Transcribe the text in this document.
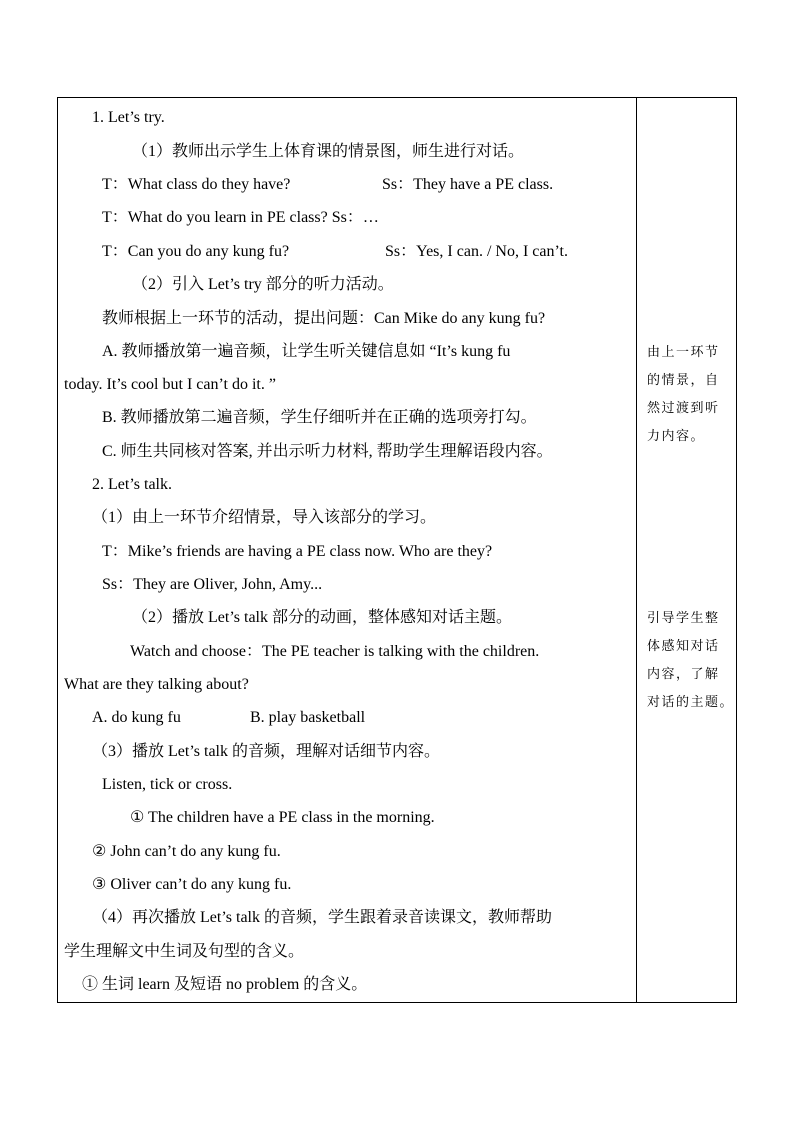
1. Let’s try.
（1）教师出示学生上体育课的情景图，师生进行对话。
T：What class do they have?	Ss：They have a PE class.
T：What do you learn in PE class? Ss：…
T：Can you do any kung fu?	Ss：Yes, I can. / No, I can’t.
（2）引入 Let’s try 部分的听力活动。
教师根据上一环节的活动，提出问题：Can Mike do any kung fu?
A. 教师播放第一遍音频，让学生听关键信息如 “It’s kung fu
today. It’s cool but I can’t do it. ”
B. 教师播放第二遍音频，学生仔细听并在正确的选项旁打勾。
C. 师生共同核对答案, 并出示听力材料, 帮助学生理解语段内容。
2. Let’s talk.
（1）由上一环节介绍情景，导入该部分的学习。
T：Mike’s friends are having a PE class now. Who are they?
Ss：They are Oliver, John, Amy...
（2）播放 Let’s talk 部分的动画，整体感知对话主题。
Watch and choose：The PE teacher is talking with the children.
What are they talking about?
A. do kung fu	B. play basketball
（3）播放 Let’s talk 的音频，理解对话细节内容。
Listen, tick or cross.
① The children have a PE class in the morning.
② John can’t do any kung fu.
③ Oliver can’t do any kung fu.
（4）再次播放 Let’s talk 的音频，学生跟着录音读课文，教师帮助
学生理解文中生词及句型的含义。
① 生词 learn 及短语 no problem 的含义。
由上一环节
的情景，自
然过渡到听
力内容。
引导学生整
体感知对话
内容，了解
对话的主题。
